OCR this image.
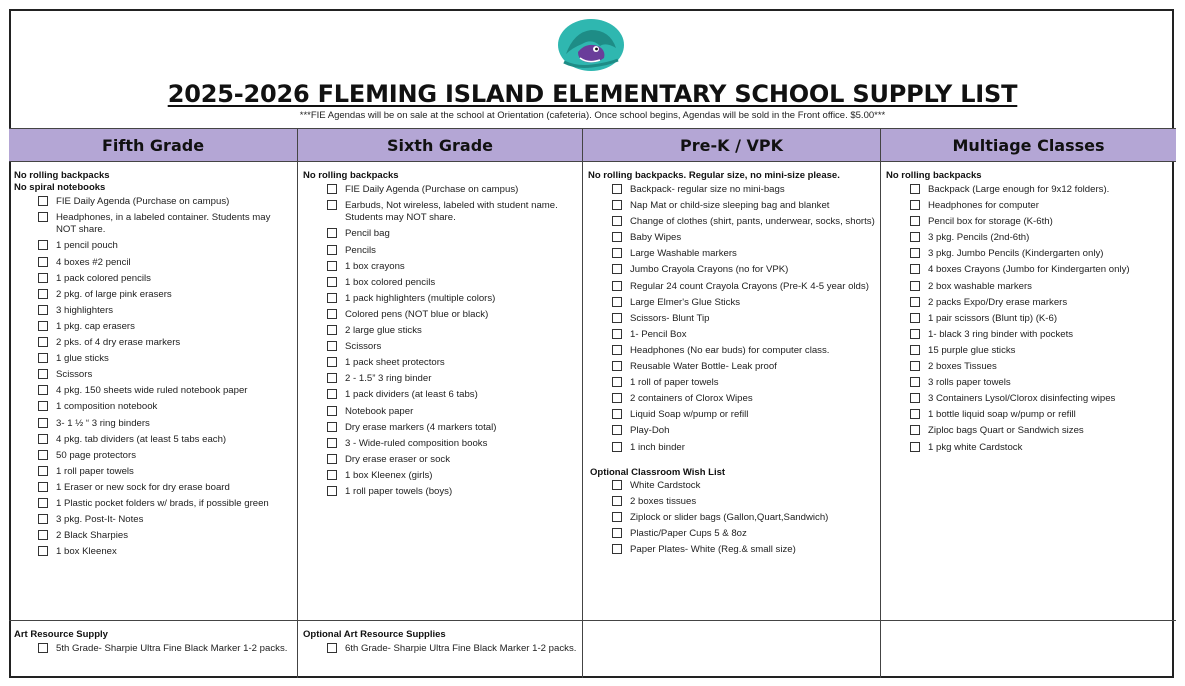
2025-2026 FLEMING ISLAND ELEMENTARY SCHOOL SUPPLY LIST
***FIE Agendas will be on sale at the school at Orientation (cafeteria). Once school begins, Agendas will be sold in the Front office. $5.00***
Fifth Grade
No rolling backpacks
No spiral notebooks
FIE Daily Agenda (Purchase on campus)
Headphones, in a labeled container. Students may NOT share.
1 pencil pouch
4 boxes #2 pencil
1 pack colored pencils
2 pkg. of large pink erasers
3 highlighters
1 pkg. cap erasers
2 pks. of 4 dry erase markers
1 glue sticks
Scissors
4 pkg. 150 sheets wide ruled notebook paper
1 composition notebook
3- 1 ½ “ 3 ring binders
4 pkg. tab dividers (at least 5 tabs each)
50 page protectors
1 roll paper towels
1 Eraser or new sock for dry erase board
1 Plastic pocket folders w/ brads, if possible green
3 pkg. Post-It- Notes
2 Black Sharpies
1 box Kleenex
Art Resource Supply
5th Grade- Sharpie Ultra Fine Black Marker 1-2 packs.
Sixth Grade
No rolling backpacks
FIE Daily Agenda (Purchase on campus)
Earbuds, Not wireless, labeled with student name. Students may NOT share.
Pencil bag
Pencils
1 box crayons
1 box colored pencils
1 pack highlighters (multiple colors)
Colored pens (NOT blue or black)
2 large glue sticks
Scissors
1 pack sheet protectors
2 - 1.5” 3 ring binder
1 pack dividers (at least 6 tabs)
Notebook paper
Dry erase markers (4 markers total)
3 - Wide-ruled composition books
Dry erase eraser or sock
1 box Kleenex (girls)
1 roll paper towels (boys)
Optional Art Resource Supplies
6th Grade- Sharpie Ultra Fine Black Marker 1-2 packs.
Pre-K / VPK
No rolling backpacks. Regular size, no mini-size please.
Backpack- regular size no mini-bags
Nap Mat or child-size sleeping bag and blanket
Change of clothes (shirt, pants, underwear, socks, shorts)
Baby Wipes
Large Washable markers
Jumbo Crayola Crayons (no for VPK)
Regular 24 count Crayola Crayons (Pre-K 4-5 year olds)
Large Elmer's Glue Sticks
Scissors- Blunt Tip
1- Pencil Box
Headphones (No ear buds) for computer class.
Reusable Water Bottle- Leak proof
1 roll of paper towels
2 containers of Clorox Wipes
Liquid Soap w/pump or refill
Play-Doh
1 inch binder
Optional Classroom Wish List
White Cardstock
2 boxes tissues
Ziplock or slider bags (Gallon,Quart,Sandwich)
Plastic/Paper Cups 5 & 8oz
Paper Plates- White (Reg.& small size)
Multiage Classes
No rolling backpacks
Backpack (Large enough for 9x12 folders).
Headphones for computer
Pencil box for storage (K-6th)
3 pkg. Pencils (2nd-6th)
3 pkg. Jumbo Pencils (Kindergarten only)
4 boxes Crayons (Jumbo for Kindergarten only)
2 box washable markers
2 packs Expo/Dry erase markers
1 pair scissors (Blunt tip) (K-6)
1- black 3 ring binder with pockets
15 purple glue sticks
2 boxes Tissues
3 rolls paper towels
3 Containers Lysol/Clorox disinfecting wipes
1 bottle liquid soap w/pump or refill
Ziploc bags Quart or Sandwich sizes
1 pkg white Cardstock
